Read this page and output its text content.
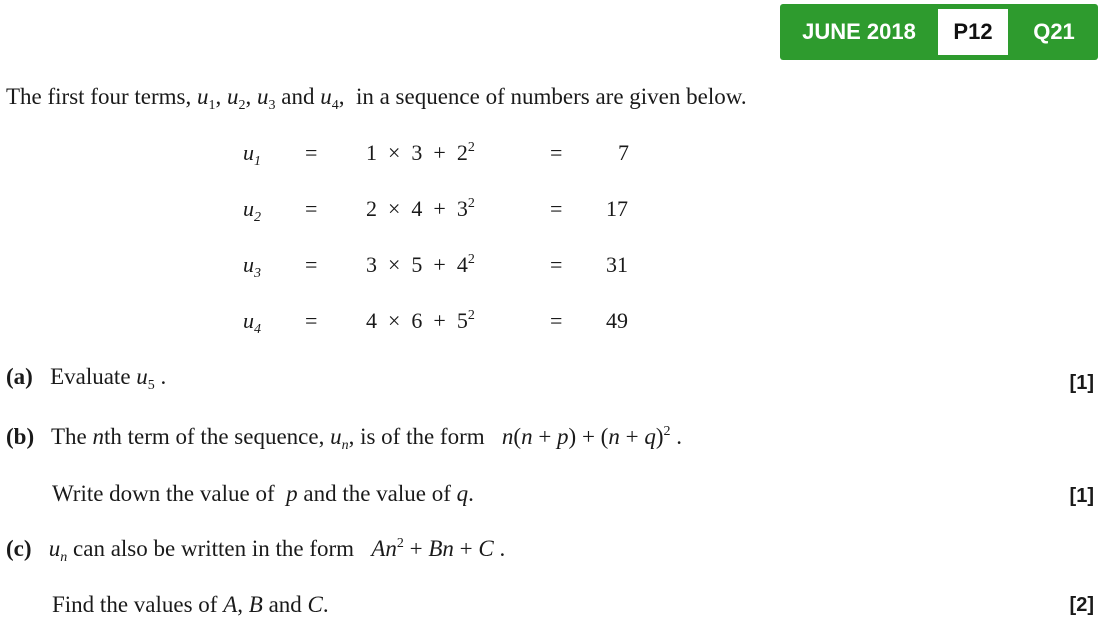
JUNE 2018	P12	Q21
The first four terms, $u_1$, $u_2$, $u_3$ and $u_4$, in a sequence of numbers are given below.
$u_1 = 1 \times 3 + 2^2$	=	7
$u_2 = 2 \times 4 + 3^2$	= 17
$u_3 = 3 \times 5 + 4^2$	= 31
$u_4 = 4 \times 6 + 5^2$	= 49
(a) Evaluate $u_5$ .	[1]
(b) The nth term of the sequence, $u_n$, is of the form $n(n + p) + (n + q)^2$ .
Write down the value of p and the value of q.	[1]
(c) $u_n$ can also be written in the form $An^2 + Bn + C$ .
Find the values of A, B and C.	[2]
